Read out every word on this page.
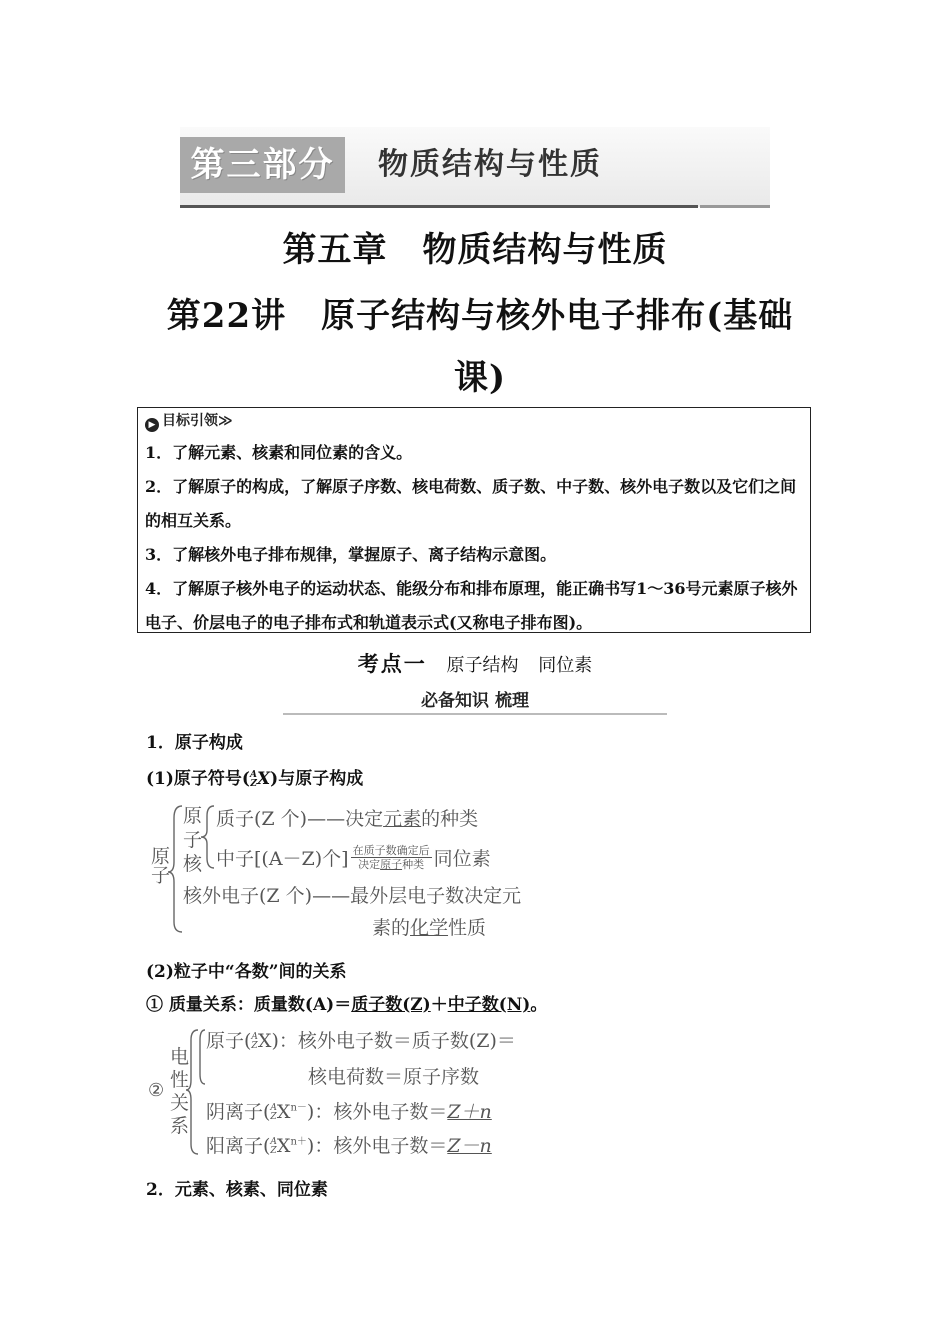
第三部分	物质结构与性质
第五章　物质结构与性质
第22讲　原子结构与核外电子排布(基础课)
▶ 目标引领≫
1．了解元素、核素和同位素的含义。
2．了解原子的构成，了解原子序数、核电荷数、质子数、中子数、核外电子数以及它们之间的相互关系。
3．了解核外电子排布规律，掌握原子、离子结构示意图。
4．了解原子核外电子的运动状态、能级分布和排布原理，能正确书写1～36号元素原子核外电子、价层电子的电子排布式和轨道表示式(又称电子排布图)。
考点一 原子结构 同位素
必备知识 梳理
1．原子构成
(1)原子符号(A
ZX)与原子构成
原子
原子核
质子(Z 个)——决定元素的种类
中子[(A－Z)个] 在质子数确定后
决定原子种类 同位素
核外电子(Z 个)——最外层电子数决定元
素的化学性质
(2)粒子中“各数”间的关系
① 质量关系：质量数(A)＝质子数(Z)＋中子数(N)。
②
电性关系
原子(A
ZX)：核外电子数＝质子数(Z)＝
核电荷数＝原子序数
阴离子(A
$ZX^{n-}$)：核外电子数＝Z＋n
阳离子(A
$ZX^{n+}$)：核外电子数＝Z－n
2．元素、核素、同位素
